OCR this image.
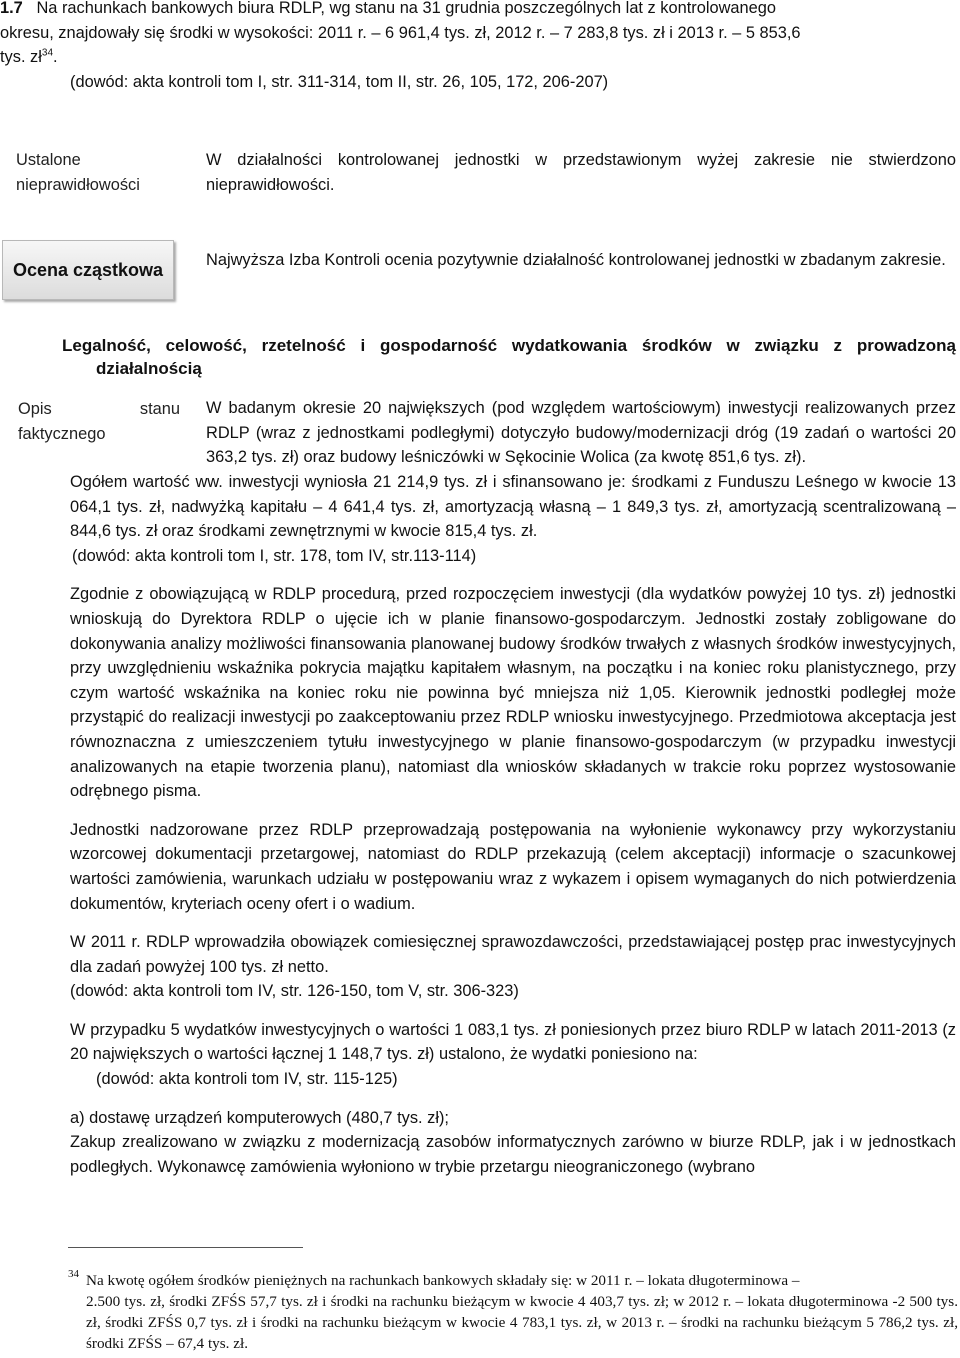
1.7 Na rachunkach bankowych biura RDLP, wg stanu na 31 grudnia poszczególnych lat z kontrolowanego
okresu, znajdowały się środki w wysokości: 2011 r. – 6 961,4 tys. zł, 2012 r. – 7 283,8 tys. zł i 2013 r. – 5 853,6
tys. $zł^{34}$.
(dowód: akta kontroli tom I, str. 311-314, tom II, str. 26, 105, 172, 206-207)
Ustalone
nieprawidłowości
W działalności kontrolowanej jednostki w przedstawionym wyżej zakresie nie stwierdzono nieprawidłowości.
Ocena cząstkowa	Najwyższa Izba Kontroli ocenia pozytywnie działalność kontrolowanej jednostki w zbadanym zakresie.
Legalność, celowość, rzetelność i gospodarność wydatkowania środków w związku z prowadzoną działalnością
Opis	stanu
faktycznego
W badanym okresie 20 największych (pod względem wartościowym) inwestycji realizowanych przez RDLP (wraz z jednostkami podległymi) dotyczyło budowy/modernizacji dróg (19 zadań o wartości 20 363,2 tys. zł) oraz budowy leśniczówki w Sękocinie Wolica (za kwotę 851,6 tys. zł).
Ogółem wartość ww. inwestycji wyniosła 21 214,9 tys. zł i sfinansowano je: środkami z Funduszu Leśnego w kwocie 13 064,1 tys. zł, nadwyżką kapitału – 4 641,4 tys. zł, amortyzacją własną – 1 849,3 tys. zł, amortyzacją scentralizowaną – 844,6 tys. zł oraz środkami zewnętrznymi w kwocie 815,4 tys. zł.
(dowód: akta kontroli tom I, str. 178, tom IV, str.113-114)
Zgodnie z obowiązującą w RDLP procedurą, przed rozpoczęciem inwestycji (dla wydatków powyżej 10 tys. zł) jednostki wnioskują do Dyrektora RDLP o ujęcie ich w planie finansowo-gospodarczym. Jednostki zostały zobligowane do dokonywania analizy możliwości finansowania planowanej budowy środków trwałych z własnych środków inwestycyjnych, przy uwzględnieniu wskaźnika pokrycia majątku kapitałem własnym, na początku i na koniec roku planistycznego, przy czym wartość wskaźnika na koniec roku nie powinna być mniejsza niż 1,05. Kierownik jednostki podległej może przystąpić do realizacji inwestycji po zaakceptowaniu przez RDLP wniosku inwestycyjnego. Przedmiotowa akceptacja jest równoznaczna z umieszczeniem tytułu inwestycyjnego w planie finansowo-gospodarczym (w przypadku inwestycji analizowanych na etapie tworzenia planu), natomiast dla wniosków składanych w trakcie roku poprzez wystosowanie odrębnego pisma.
Jednostki nadzorowane przez RDLP przeprowadzają postępowania na wyłonienie wykonawcy przy wykorzystaniu wzorcowej dokumentacji przetargowej, natomiast do RDLP przekazują (celem akceptacji) informacje o szacunkowej wartości zamówienia, warunkach udziału w postępowaniu wraz z wykazem i opisem wymaganych do nich potwierdzenia dokumentów, kryteriach oceny ofert i o wadium.
W 2011 r. RDLP wprowadziła obowiązek comiesięcznej sprawozdawczości, przedstawiającej postęp prac inwestycyjnych dla zadań powyżej 100 tys. zł netto.
(dowód: akta kontroli tom IV, str. 126-150, tom V, str. 306-323)
W przypadku 5 wydatków inwestycyjnych o wartości 1 083,1 tys. zł poniesionych przez biuro RDLP w latach 2011-2013 (z 20 największych o wartości łącznej 1 148,7 tys. zł) ustalono, że wydatki poniesiono na:
(dowód: akta kontroli tom IV, str. 115-125)
a) dostawę urządzeń komputerowych (480,7 tys. zł);
Zakup zrealizowano w związku z modernizacją zasobów informatycznych zarówno w biurze RDLP, jak i w jednostkach podległych. Wykonawcę zamówienia wyłoniono w trybie przetargu nieograniczonego (wybrano
34 Na kwotę ogółem środków pieniężnych na rachunkach bankowych składały się: w 2011 r. – lokata długoterminowa –
2.500 tys. zł, środki ZFŚS 57,7 tys. zł i środki na rachunku bieżącym w kwocie 4 403,7 tys. zł; w 2012 r. – lokata długoterminowa -2 500 tys. zł, środki ZFŚS 0,7 tys. zł i środki na rachunku bieżącym w kwocie 4 783,1 tys. zł, w 2013 r. – środki na rachunku bieżącym 5 786,2 tys. zł, środki ZFŚS – 67,4 tys. zł.
